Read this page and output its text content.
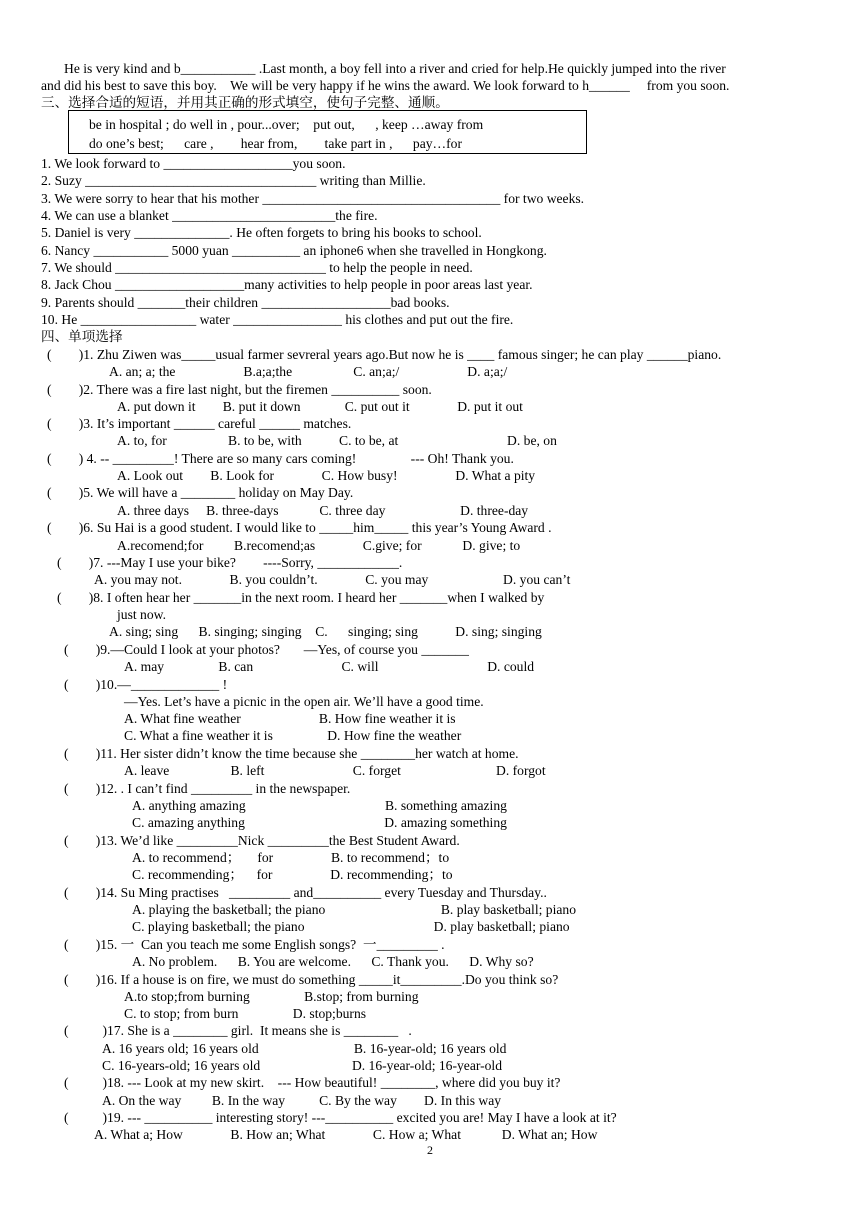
He is very kind and b___________ .Last month, a boy fell into a river and cried for help.He quickly jumped into the river
and did his best to save this boy.    We will be very happy if he wins the award. We look forward to h______     from you soon.
三、选择合适的短语，并用其正确的形式填空，使句子完整、通顺。
be in hospital ; do well in , pour...over;    put out,      , keep …away from
do one’s best;      care ,        hear from,        take part in ,      pay…for
1. We look forward to ___________________you soon.
2. Suzy __________________________________ writing than Millie.
3. We were sorry to hear that his mother ___________________________________ for two weeks.
4. We can use a blanket ________________________the fire.
5. Daniel is very ______________. He often forgets to bring his books to school.
6. Nancy ___________ 5000 yuan __________ an iphone6 when she travelled in Hongkong.
7. We should _______________________________ to help the people in need.
8. Jack Chou ___________________many activities to help people in poor areas last year.
9. Parents should _______their children ___________________bad books.
10. He _________________ water ________________ his clothes and put out the fire.
四、单项选择
(        )1. Zhu Ziwen was_____usual farmer sevreral years ago.But now he is ____ famous singer; he can play ______piano.
A. an; a; the                    B.a;a;the                  C. an;a;/                    D. a;a;/
(        )2. There was a fire last night, but the firemen __________ soon.
A. put down it        B. put it down             C. put out it              D. put it out
(        )3. It’s important ______ careful ______ matches.
A. to, for                  B. to be, with           C. to be, at                                D. be, on
(        ) 4. -- _________! There are so many cars coming!                --- Oh! Thank you.
A. Look out        B. Look for              C. How busy!                 D. What a pity
(        )5. We will have a ________ holiday on May Day.
A. three days     B. three-days            C. three day                      D. three-day
(        )6. Su Hai is a good student. I would like to _____him_____ this year’s Young Award .
A.recomend;for         B.recomend;as              C.give; for            D. give; to
(        )7. ---May I use your bike?        ----Sorry, ____________.
A. you may not.              B. you couldn’t.              C. you may                      D. you can’t
(        )8. I often hear her _______in the next room. I heard her _______when I walked by
just now.
A. sing; sing      B. singing; singing    C.      singing; sing           D. sing; singing
(        )9.—Could I look at your photos?       —Yes, of course you _______
A. may                B. can                          C. will                                D. could
(        )10.—_____________ !
—Yes. Let’s have a picnic in the open air. We’ll have a good time.
A. What fine weather                       B. How fine weather it is
C. What a fine weather it is                D. How fine the weather
(        )11. Her sister didn’t know the time because she ________her watch at home.
A. leave                  B. left                          C. forget                            D. forgot
(        )12. . I can’t find _________ in the newspaper.
A. anything amazing                                         B. something amazing
C. amazing anything                                         D. amazing something
(        )13. We’d like _________Nick _________the Best Student Award.
A. to recommend；     for                 B. to recommend；to
C. recommending；    for                 D. recommending；to
(        )14. Su Ming practises   _________ and__________ every Tuesday and Thursday..
A. playing the basketball; the piano                                  B. play basketball; piano
C. playing basketball; the piano                                      D. play basketball; piano
(        )15. 一  Can you teach me some English songs?  一_________ .
A. No problem.      B. You are welcome.      C. Thank you.      D. Why so?
(        )16. If a house is on fire, we must do something _____it_________.Do you think so?
A.to stop;from burning                B.stop; from burning
C. to stop; from burn                D. stop;burns
(          )17. She is a ________ girl.  It means she is ________   .
A. 16 years old; 16 years old                            B. 16-year-old; 16 years old
C. 16-years-old; 16 years old                           D. 16-year-old; 16-year-old
(          )18. --- Look at my new skirt.    --- How beautiful! ________, where did you buy it?
A. On the way         B. In the way          C. By the way        D. In this way
(          )19. --- __________ interesting story! ---__________ excited you are! May I have a look at it?
A. What a; How              B. How an; What              C. How a; What            D. What an; How
2
